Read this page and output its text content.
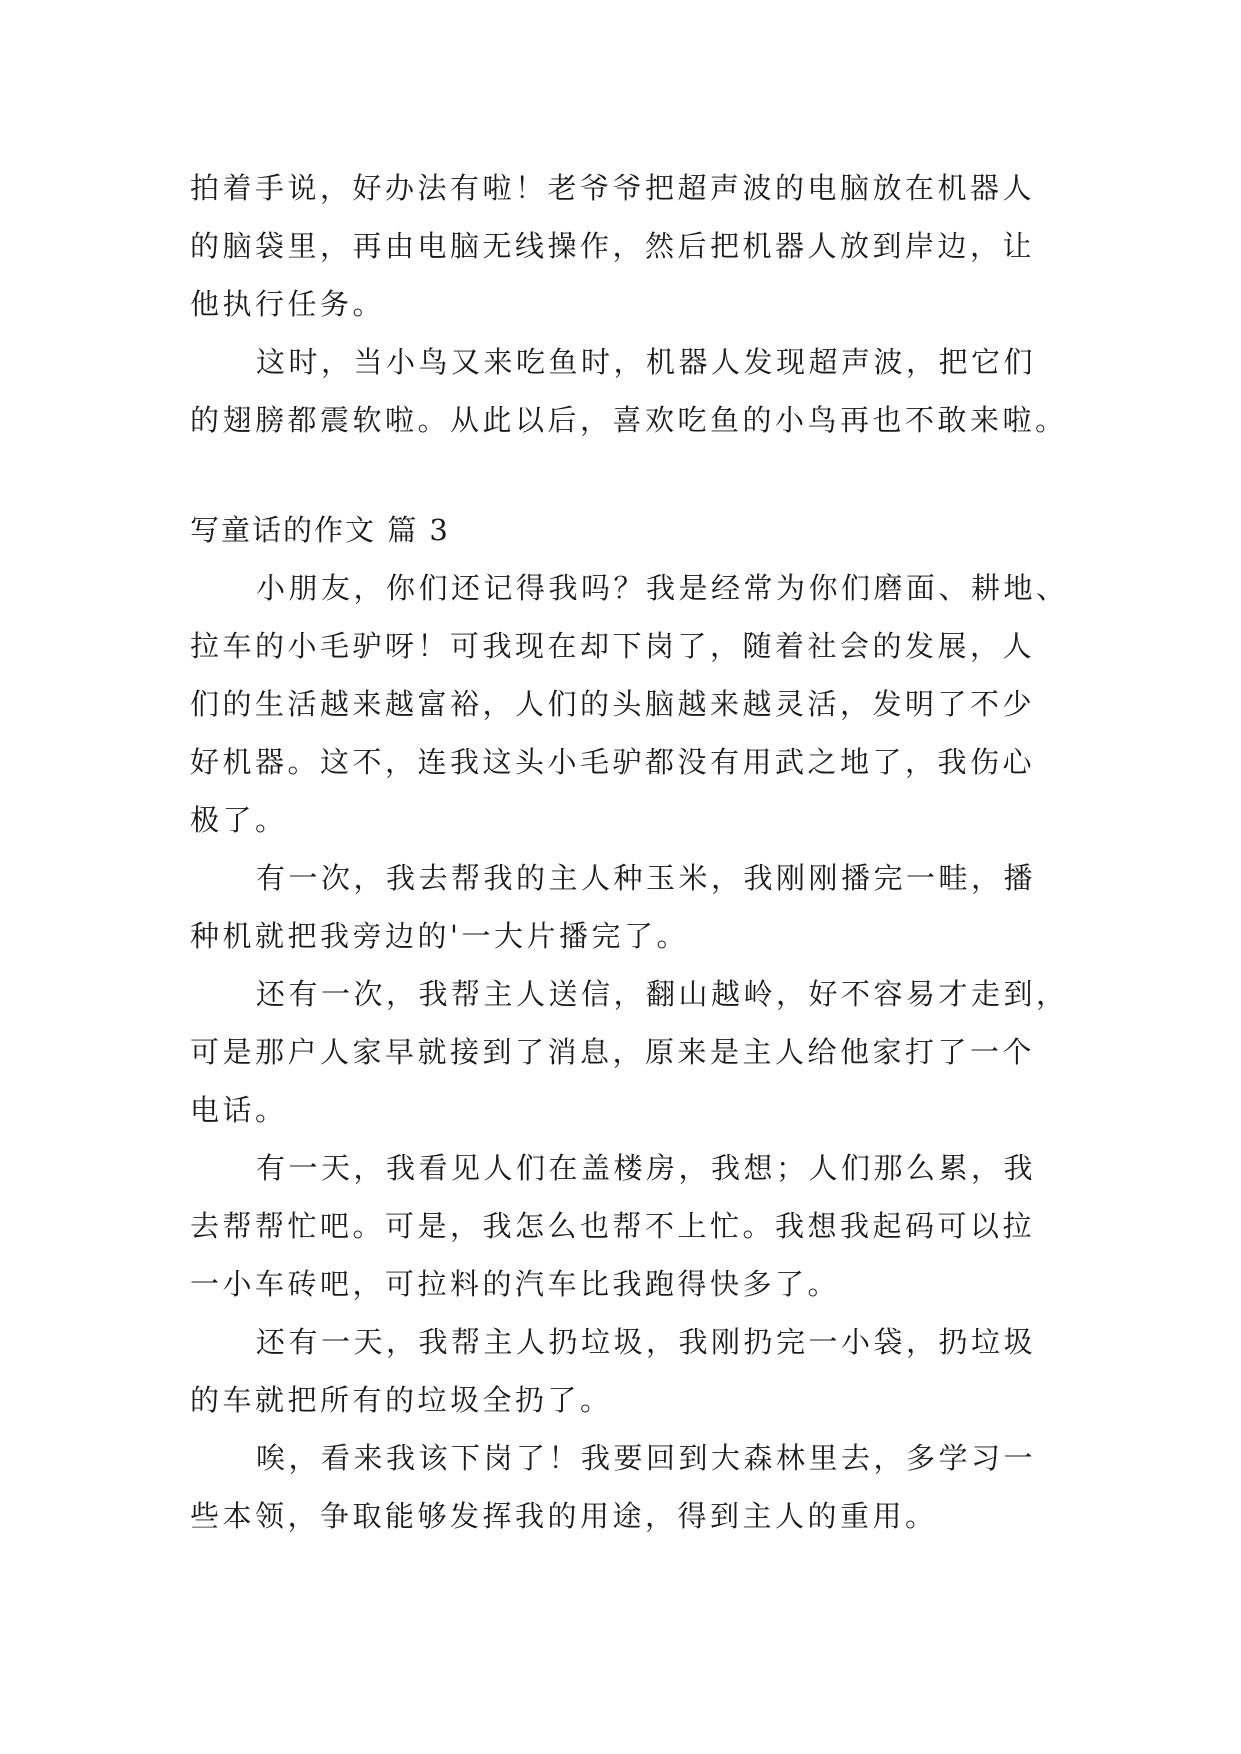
拍着手说，好办法有啦！老爷爷把超声波的电脑放在机器人
的脑袋里，再由电脑无线操作，然后把机器人放到岸边，让
他执行任务。
这时，当小鸟又来吃鱼时，机器人发现超声波，把它们
的翅膀都震软啦。从此以后，喜欢吃鱼的小鸟再也不敢来啦。
写童话的作文 篇 3
小朋友，你们还记得我吗？我是经常为你们磨面、耕地、
拉车的小毛驴呀！可我现在却下岗了，随着社会的发展，人
们的生活越来越富裕，人们的头脑越来越灵活，发明了不少
好机器。这不，连我这头小毛驴都没有用武之地了，我伤心
极了。
有一次，我去帮我的主人种玉米，我刚刚播完一畦，播
种机就把我旁边的'一大片播完了。
还有一次，我帮主人送信，翻山越岭，好不容易才走到，
可是那户人家早就接到了消息，原来是主人给他家打了一个
电话。
有一天，我看见人们在盖楼房，我想；人们那么累，我
去帮帮忙吧。可是，我怎么也帮不上忙。我想我起码可以拉
一小车砖吧，可拉料的汽车比我跑得快多了。
还有一天，我帮主人扔垃圾，我刚扔完一小袋，扔垃圾
的车就把所有的垃圾全扔了。
唉，看来我该下岗了！我要回到大森林里去，多学习一
些本领，争取能够发挥我的用途，得到主人的重用。
